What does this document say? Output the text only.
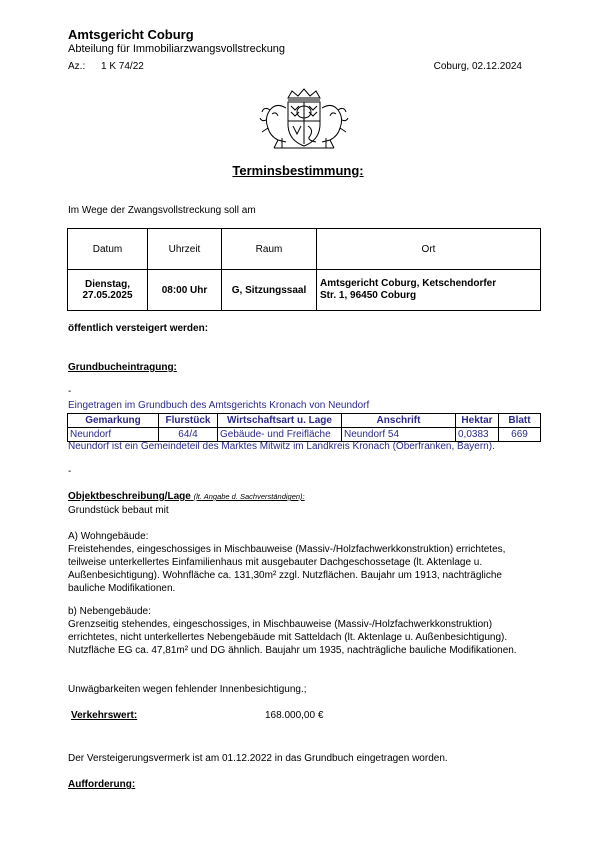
Amtsgericht Coburg
Abteilung für Immobiliarzwangsvollstreckung
Az.: 1 K 74/22	Coburg, 02.12.2024
Terminsbestimmung:
Im Wege der Zwangsvollstreckung soll am
Datum	Uhrzeit	Raum	Ort
Dienstag,
27.05.2025	08:00 Uhr	G, Sitzungssaal	Amtsgericht Coburg, Ketschendorfer
Str. 1, 96450 Coburg
öffentlich versteigert werden:
Grundbucheintragung:
-
Eingetragen im Grundbuch des Amtsgerichts Kronach von Neundorf
Gemarkung	Flurstück	Wirtschaftsart u. Lage	Anschrift	Hektar	Blatt
Neundorf	64/4	Gebäude- und Freifläche	Neundorf 54	0,0383	669
Neundorf ist ein Gemeindeteil des Marktes Mitwitz im Landkreis Kronach (Oberfranken, Bayern).
-
Objektbeschreibung/Lage (lt. Angabe d. Sachverständigen):
Grundstück bebaut mit
A) Wohngebäude:
Freistehendes, eingeschossiges in Mischbauweise (Massiv-/Holzfachwerkkonstruktion) errichtetes, teilweise unterkellertes Einfamilienhaus mit ausgebauter Dachgeschossetage (lt. Aktenlage u. Außenbesichtigung). Wohnfläche ca. 131,30m² zzgl. Nutzflächen. Baujahr um 1913, nachträgliche bauliche Modifikationen.
b) Nebengebäude:
Grenzseitig stehendes, eingeschossiges, in Mischbauweise (Massiv-/Holzfachwerkkonstruktion) errichtetes, nicht unterkellertes Nebengebäude mit Satteldach (lt. Aktenlage u. Außenbesichtigung). Nutzfläche EG ca. 47,81m² und DG ähnlich. Baujahr um 1935, nachträgliche bauliche Modifikationen.
Unwägbarkeiten wegen fehlender Innenbesichtigung.;
Verkehrswert:	168.000,00 €
Der Versteigerungsvermerk ist am 01.12.2022 in das Grundbuch eingetragen worden.
Aufforderung:
